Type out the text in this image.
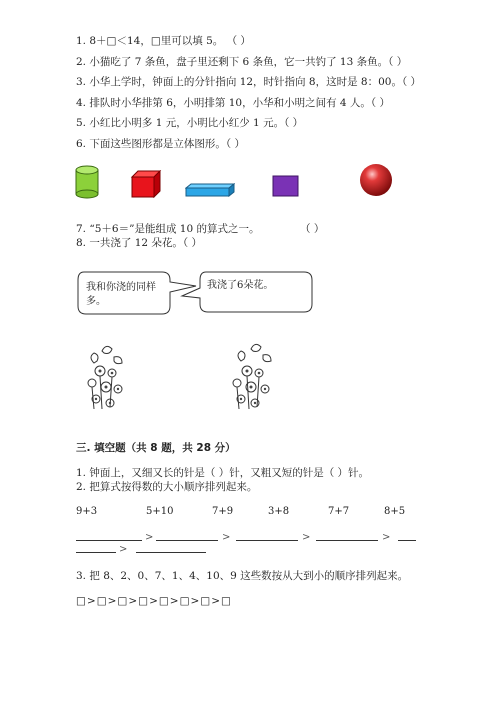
1. 8＋□＜14，□里可以填 5。 （ ）
2. 小猫吃了 7 条鱼，盘子里还剩下 6 条鱼，它一共钓了 13 条鱼。（ ）
3. 小华上学时，钟面上的分针指向 12，时针指向 8，这时是 8：00。（ ）
4. 排队时小华排第 6，小明排第 10，小华和小明之间有 4 人。（ ）
5. 小红比小明多 1 元，小明比小红少 1 元。（ ）
6. 下面这些图形都是立体图形。（ ）
7. “5＋6＝”是能组成 10 的算式之一。	（ ）
8. 一共浇了 12 朵花。（ ）
我和你浇的同样
多。
我浇了6朵花。
三. 填空题（共 8 题，共 28 分）
1. 钟面上，又细又长的针是（ ）针，又粗又短的针是（ ）针。
2. 把算式按得数的大小顺序排列起来。
9+3	5+10	7+9	3+8	7+7	8+5
>	>	>	>
>
3. 把 8、2、0、7、1、4、10、9 这些数按从大到小的顺序排列起来。
□>□>□>□>□>□>□>□
